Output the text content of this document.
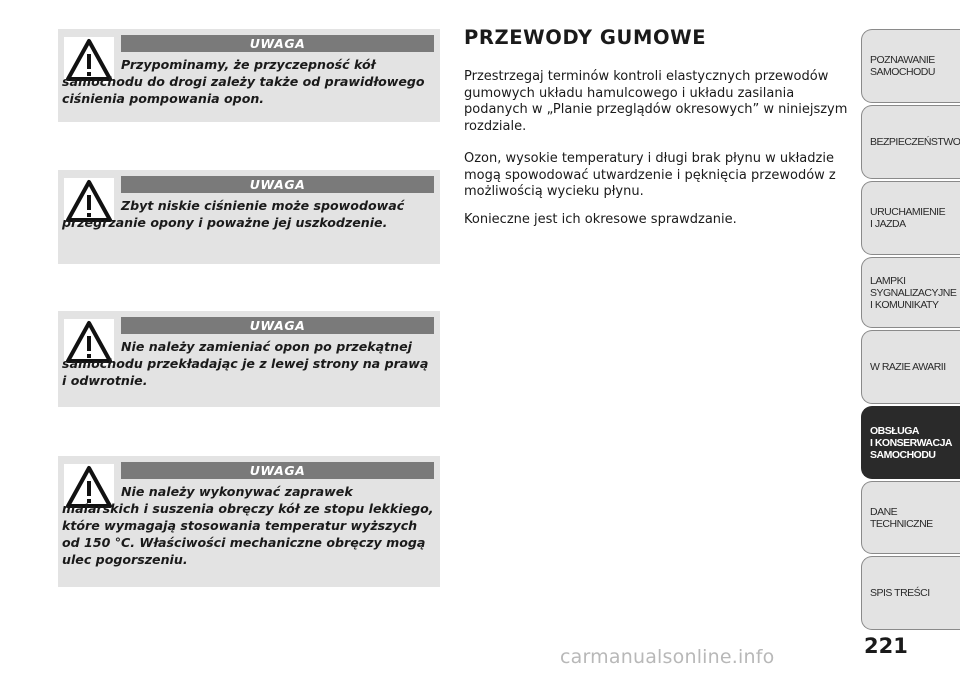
UWAGA

Przypominamy, że przyczepność kół samochodu do drogi zależy także od prawidłowego ciśnienia pompowania opon.

UWAGA

Zbyt niskie ciśnienie może spowodować przegrzanie opony i poważne jej uszkodzenie.

UWAGA

Nie należy zamieniać opon po przekątnej samochodu przekładając je z lewej strony na prawą i odwrotnie.

UWAGA

Nie należy wykonywać zaprawek malarskich i suszenia obręczy kół ze stopu lekkiego, które wymagają stosowania temperatur wyższych od 150 °C. Właściwości mechaniczne obręczy mogą ulec pogorszeniu.

PRZEWODY GUMOWE

Przestrzegaj terminów kontroli elastycznych przewodów gumowych układu hamulcowego i układu zasilania podanych w „Planie przeglądów okresowych” w niniejszym rozdziale.

Ozon, wysokie temperatury i długi brak płynu w układzie mogą spowodować utwardzenie i pęknięcia przewodów z możliwością wycieku płynu.

Konieczne jest ich okresowe sprawdzanie.

POZNAWANIE
SAMOCHODU
BEZPIECZEŃSTWO
URUCHAMIENIE
I JAZDA
LAMPKI
SYGNALIZACYJNE
I KOMUNIKATY
W RAZIE AWARII
OBSŁUGA
I KONSERWACJA
SAMOCHODU
DANE TECHNICZNE
SPIS TREŚCI

221

carmanualsonline.info
